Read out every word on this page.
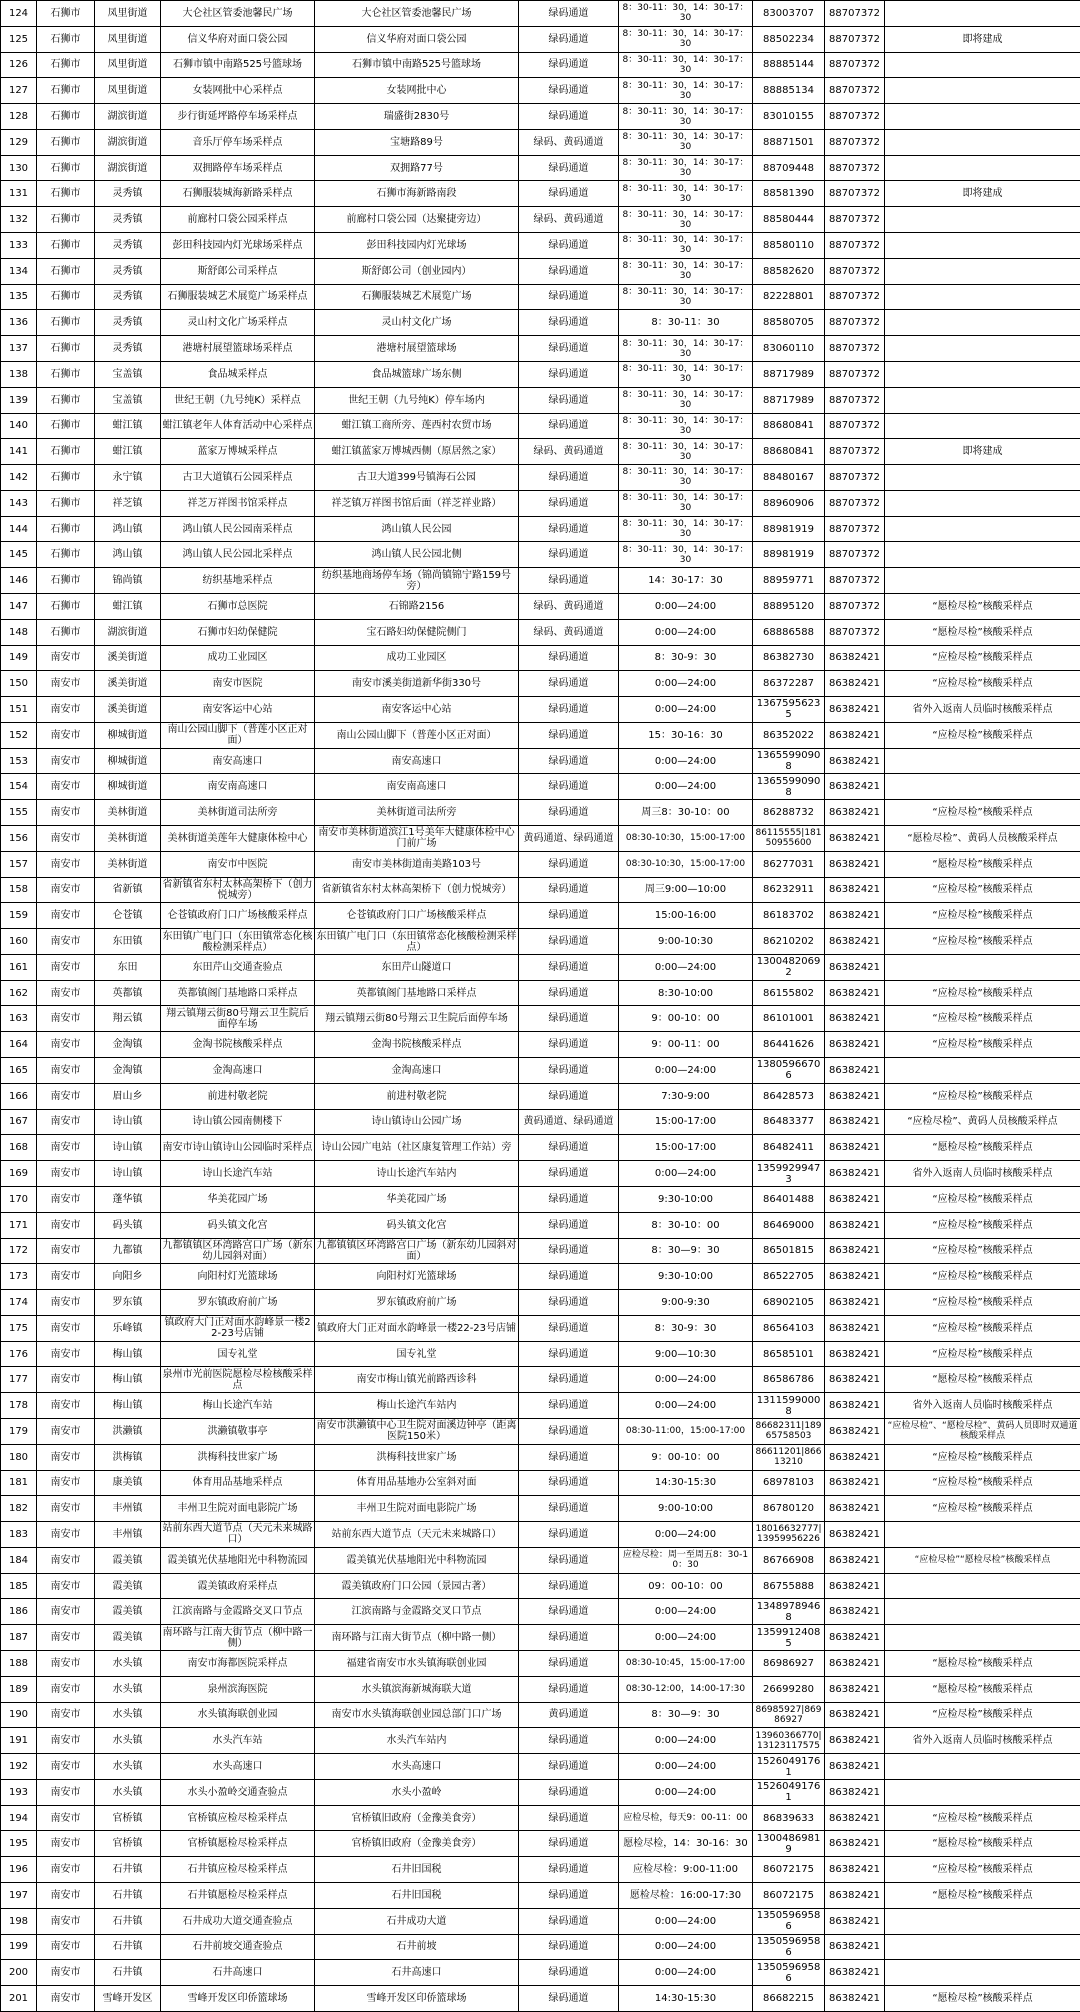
124	石狮市	凤里街道	大仑社区管委池馨民广场	大仑社区管委池馨民广场	绿码通道	8：30-11：30，14：30-17：30	83003707	88707372	
125	石狮市	凤里街道	信义华府对面口袋公园	信义华府对面口袋公园	绿码通道	8：30-11：30，14：30-17：30	88502234	88707372	即将建成
126	石狮市	凤里街道	石狮市镇中南路525号篮球场	石狮市镇中南路525号篮球场	绿码通道	8：30-11：30，14：30-17：30	88885144	88707372	
127	石狮市	凤里街道	女装网批中心采样点	女装网批中心	绿码通道	8：30-11：30，14：30-17：30	88885134	88707372	
128	石狮市	湖滨街道	步行街延坪路停车场采样点	瑞盛街2830号	绿码通道	8：30-11：30，14：30-17：30	83010155	88707372	
129	石狮市	湖滨街道	音乐厅停车场采样点	宝塘路89号	绿码、黄码通道	8：30-11：30，14：30-17：30	88871501	88707372	
130	石狮市	湖滨街道	双拥路停车场采样点	双拥路77号	绿码通道	8：30-11：30，14：30-17：30	88709448	88707372	
131	石狮市	灵秀镇	石狮服装城海新路采样点	石狮市海新路南段	绿码通道	8：30-11：30，14：30-17：30	88581390	88707372	即将建成
132	石狮市	灵秀镇	前廊村口袋公园采样点	前廊村口袋公园（达聚捷旁边）	绿码、黄码通道	8：30-11：30，14：30-17：30	88580444	88707372	
133	石狮市	灵秀镇	彭田科技园内灯光球场采样点	彭田科技园内灯光球场	绿码通道	8：30-11：30，14：30-17：30	88580110	88707372	
134	石狮市	灵秀镇	斯舒郎公司采样点	斯舒郎公司（创业园内）	绿码通道	8：30-11：30，14：30-17：30	88582620	88707372	
135	石狮市	灵秀镇	石狮服装城艺术展览广场采样点	石狮服装城艺术展览广场	绿码通道	8：30-11：30，14：30-17：30	82228801	88707372	
136	石狮市	灵秀镇	灵山村文化广场采样点	灵山村文化广场	绿码通道	8：30-11：30	88580705	88707372	
137	石狮市	灵秀镇	港塘村展望篮球场采样点	港塘村展望篮球场	绿码通道	8：30-11：30，14：30-17：30	83060110	88707372	
138	石狮市	宝盖镇	食品城采样点	食品城篮球广场东侧	绿码通道	8：30-11：30，14：30-17：30	88717989	88707372	
139	石狮市	宝盖镇	世纪王朝（九号纯K）采样点	世纪王朝（九号纯K）停车场内	绿码通道	8：30-11：30，14：30-17：30	88717989	88707372	
140	石狮市	蚶江镇	蚶江镇老年人体育活动中心采样点	蚶江镇工商所旁、莲西村农贸市场	绿码通道	8：30-11：30，14：30-17：30	88680841	88707372	
141	石狮市	蚶江镇	蓝家万博城采样点	蚶江镇蓝家万博城西侧（原居然之家）	绿码、黄码通道	8：30-11：30，14：30-17：30	88680841	88707372	即将建成
142	石狮市	永宁镇	古卫大道镇石公园采样点	古卫大道399号镇海石公园	绿码通道	8：30-11：30，14：30-17：30	88480167	88707372	
143	石狮市	祥芝镇	祥芝万祥图书馆采样点	祥芝镇万祥图书馆后面（祥芝祥业路）	绿码通道	8：30-11：30，14：30-17：30	88960906	88707372	
144	石狮市	鸿山镇	鸿山镇人民公园南采样点	鸿山镇人民公园	绿码通道	8：30-11：30，14：30-17：30	88981919	88707372	
145	石狮市	鸿山镇	鸿山镇人民公园北采样点	鸿山镇人民公园北侧	绿码通道	8：30-11：30，14：30-17：30	88981919	88707372	
146	石狮市	锦尚镇	纺织基地采样点	纺织基地商场停车场（锦尚镇锦宁路159号旁）	绿码通道	14：30-17：30	88959771	88707372	
147	石狮市	蚶江镇	石狮市总医院	石锦路2156	绿码、黄码通道	0:00—24:00	88895120	88707372	“愿检尽检”核酸采样点
148	石狮市	湖滨街道	石狮市妇幼保健院	宝石路妇幼保健院侧门	绿码、黄码通道	0:00—24:00	68886588	88707372	“愿检尽检”核酸采样点
149	南安市	溪美街道	成功工业园区	成功工业园区	绿码通道	8：30-9：30	86382730	86382421	“应检尽检”核酸采样点
150	南安市	溪美街道	南安市医院	南安市溪美街道新华街330号	绿码通道	0:00—24:00	86372287	86382421	“应检尽检”核酸采样点
151	南安市	溪美街道	南安客运中心站	南安客运中心站	绿码通道	0:00—24:00	13675956235	86382421	省外入返南人员临时核酸采样点
152	南安市	柳城街道	南山公园山脚下（普莲小区正对面）	南山公园山脚下（普莲小区正对面）	绿码通道	15：30-16：30	86352022	86382421	“应检尽检”核酸采样点
153	南安市	柳城街道	南安高速口	南安高速口	绿码通道	0:00—24:00	13655990908	86382421	
154	南安市	柳城街道	南安南高速口	南安南高速口	绿码通道	0:00—24:00	13655990908	86382421	
155	南安市	美林街道	美林街道司法所旁	美林街道司法所旁	绿码通道	周三8：30-10：00	86288732	86382421	“应检尽检”核酸采样点
156	南安市	美林街道	美林街道美莲年大健康体检中心	南安市美林街道滨江1号美年大健康体检中心门前广场	黄码通道、绿码通道	08:30-10:30，15:00-17:00	86115555|18150955600	86382421	“愿检尽检”、黄码人员核酸采样点
157	南安市	美林街道	南安市中医院	南安市美林街道南美路103号	绿码通道	08:30-10:30，15:00-17:00	86277031	86382421	“愿检尽检”核酸采样点
158	南安市	省新镇	省新镇省东村太林高架桥下（创力悦城旁）	省新镇省东村太林高架桥下（创力悦城旁）	绿码通道	周三9:00—10:00	86232911	86382421	“应检尽检”核酸采样点
159	南安市	仑苍镇	仑苍镇政府门口广场核酸采样点	仑苍镇政府门口广场核酸采样点	绿码通道	15:00-16:00	86183702	86382421	“应检尽检”核酸采样点
160	南安市	东田镇	东田镇广电门口（东田镇常态化核酸检测采样点）	东田镇广电门口（东田镇常态化核酸检测采样点）	绿码通道	9:00-10:30	86210202	86382421	“应检尽检”核酸采样点
161	南安市	东田	东田芹山交通查验点	东田芹山隧道口	绿码通道	0:00—24:00	13004820692	86382421	
162	南安市	英都镇	英都镇阁门基地路口采样点	英都镇阁门基地路口采样点	绿码通道	8:30-10:00	86155802	86382421	“应检尽检”核酸采样点
163	南安市	翔云镇	翔云镇翔云街80号翔云卫生院后面停车场	翔云镇翔云街80号翔云卫生院后面停车场	绿码通道	9：00-10：00	86101001	86382421	“应检尽检”核酸采样点
164	南安市	金淘镇	金淘书院核酸采样点	金淘书院核酸采样点	绿码通道	9：00-11：00	86441626	86382421	“应检尽检”核酸采样点
165	南安市	金淘镇	金淘高速口	金淘高速口	绿码通道	0:00—24:00	13805966706	86382421	
166	南安市	眉山乡	前进村敬老院	前进村敬老院	绿码通道	7:30-9:00	86428573	86382421	“应检尽检”核酸采样点
167	南安市	诗山镇	诗山镇公园南侧楼下	诗山镇诗山公园广场	黄码通道、绿码通道	15:00-17:00	86483377	86382421	“应检尽检”、黄码人员核酸采样点
168	南安市	诗山镇	南安市诗山镇诗山公园临时采样点	诗山公园广电站（社区康复管理工作站）旁	绿码通道	15:00-17:00	86482411	86382421	“愿检尽检”核酸采样点
169	南安市	诗山镇	诗山长途汽车站	诗山长途汽车站内	绿码通道	0:00—24:00	13599299473	86382421	省外入返南人员临时核酸采样点
170	南安市	蓬华镇	华美花园广场	华美花园广场	绿码通道	9:30-10:00	86401488	86382421	“应检尽检”核酸采样点
171	南安市	码头镇	码头镇文化宫	码头镇文化宫	绿码通道	8：30-10：00	86469000	86382421	“应检尽检”核酸采样点
172	南安市	九都镇	九都镇镇区环湾路宫口广场（新东幼儿园斜对面）	九都镇镇区环湾路宫口广场（新东幼儿园斜对面）	绿码通道	8：30—9：30	86501815	86382421	“应检尽检”核酸采样点
173	南安市	向阳乡	向阳村灯光篮球场	向阳村灯光篮球场	绿码通道	9:30-10:00	86522705	86382421	“应检尽检”核酸采样点
174	南安市	罗东镇	罗东镇政府前广场	罗东镇政府前广场	绿码通道	9:00-9:30	68902105	86382421	“应检尽检”核酸采样点
175	南安市	乐峰镇	镇政府大门正对面水韵峰景一楼22-23号店铺	镇政府大门正对面水韵峰景一楼22-23号店铺	绿码通道	8：30-9：30	86564103	86382421	“应检尽检”核酸采样点
176	南安市	梅山镇	国专礼堂	国专礼堂	绿码通道	9:00—10:30	86585101	86382421	“应检尽检”核酸采样点
177	南安市	梅山镇	泉州市光前医院愿检尽检核酸采样点	南安市梅山镇光前路西诊科	绿码通道	0:00—24:00	86586786	86382421	“愿检尽检”核酸采样点
178	南安市	梅山镇	梅山长途汽车站	梅山长途汽车站内	绿码通道	0:00—24:00	13115990008	86382421	省外入返南人员临时核酸采样点
179	南安市	洪濑镇	洪濑镇敬事亭	南安市洪濑镇中心卫生院对面溪边钟亭（距离医院150米）	绿码通道	08:30-11:00，15:00-17:00	86682311|18965758503	86382421	“应检尽检”、“愿检尽检”、黄码人员即时双通道核酸采样点
180	南安市	洪梅镇	洪梅科技世家广场	洪梅科技世家广场	绿码通道	9：00-10：00	86611201|86613210	86382421	“应检尽检”核酸采样点
181	南安市	康美镇	体育用品基地采样点	体育用品基地办公室斜对面	绿码通道	14:30-15:30	68978103	86382421	“应检尽检”核酸采样点
182	南安市	丰州镇	丰州卫生院对面电影院广场	丰州卫生院对面电影院广场	绿码通道	9:00-10:00	86780120	86382421	“应检尽检”核酸采样点
183	南安市	丰州镇	站前东西大道节点（天元未来城路口）	站前东西大道节点（天元未来城路口）	绿码通道	0:00—24:00	18016632777|13959956226	86382421	
184	南安市	霞美镇	霞美镇光伏基地阳光中科物流园	霞美镇光伏基地阳光中科物流园	绿码通道	应检尽检：周一至周五8：30-10：30	86766908	86382421	“应检尽检”“愿检尽检”核酸采样点
185	南安市	霞美镇	霞美镇政府采样点	霞美镇政府门口公园（景园古著）	绿码通道	09：00-10：00	86755888	86382421	
186	南安市	霞美镇	江滨南路与金霞路交叉口节点	江滨南路与金霞路交叉口节点	绿码通道	0:00—24:00	13489789468	86382421	
187	南安市	霞美镇	南环路与江南大街节点（柳中路一侧）	南环路与江南大街节点（柳中路一侧）	绿码通道	0:00—24:00	13599124085	86382421	
188	南安市	水头镇	南安市海都医院采样点	福建省南安市水头镇海联创业园	绿码通道	08:30-10:45，15:00-17:00	86986927	86382421	“愿检尽检”核酸采样点
189	南安市	水头镇	泉州滨海医院	水头镇滨海新城海联大道	绿码通道	08:30-12:00，14:00-17:30	26699280	86382421	“愿检尽检”核酸采样点
190	南安市	水头镇	水头镇海联创业园	南安市水头镇海联创业园总部门口广场	黄码通道	8：30—9：30	86985927|86986927	86382421	“应检尽检”核酸采样点
191	南安市	水头镇	水头汽车站	水头汽车站内	绿码通道	0:00—24:00	13960366770|13123117575	86382421	省外入返南人员临时核酸采样点
192	南安市	水头镇	水头高速口	水头高速口	绿码通道	0:00—24:00	15260491761	86382421	
193	南安市	水头镇	水头小盈岭交通查验点	水头小盈岭	绿码通道	0:00—24:00	15260491761	86382421	
194	南安市	官桥镇	官桥镇应检尽检采样点	官桥镇旧政府（金豫美食旁）	绿码通道	应检尽检，每天9：00-11：00	86839633	86382421	“应检尽检”核酸采样点
195	南安市	官桥镇	官桥镇愿检尽检采样点	官桥镇旧政府（金豫美食旁）	绿码通道	愿检尽检，14：30-16：30	13004869819	86382421	“愿检尽检”核酸采样点
196	南安市	石井镇	石井镇应检尽检采样点	石井旧国税	绿码通道	应检尽检：9:00-11:00	86072175	86382421	“应检尽检”核酸采样点
197	南安市	石井镇	石井镇愿检尽检采样点	石井旧国税	绿码通道	愿检尽检：16:00-17:30	86072175	86382421	“愿检尽检”核酸采样点
198	南安市	石井镇	石井成功大道交通查验点	石井成功大道	绿码通道	0:00—24:00	13505969586	86382421	
199	南安市	石井镇	石井前坡交通查验点	石井前坡	绿码通道	0:00—24:00	13505969586	86382421	
200	南安市	石井镇	石井高速口	石井高速口	绿码通道	0:00—24:00	13505969586	86382421	
201	南安市	雪峰开发区	雪峰开发区印侨篮球场	雪峰开发区印侨篮球场	绿码通道	14:30-15:30	86682215	86382421	“愿检尽检”核酸采样点
